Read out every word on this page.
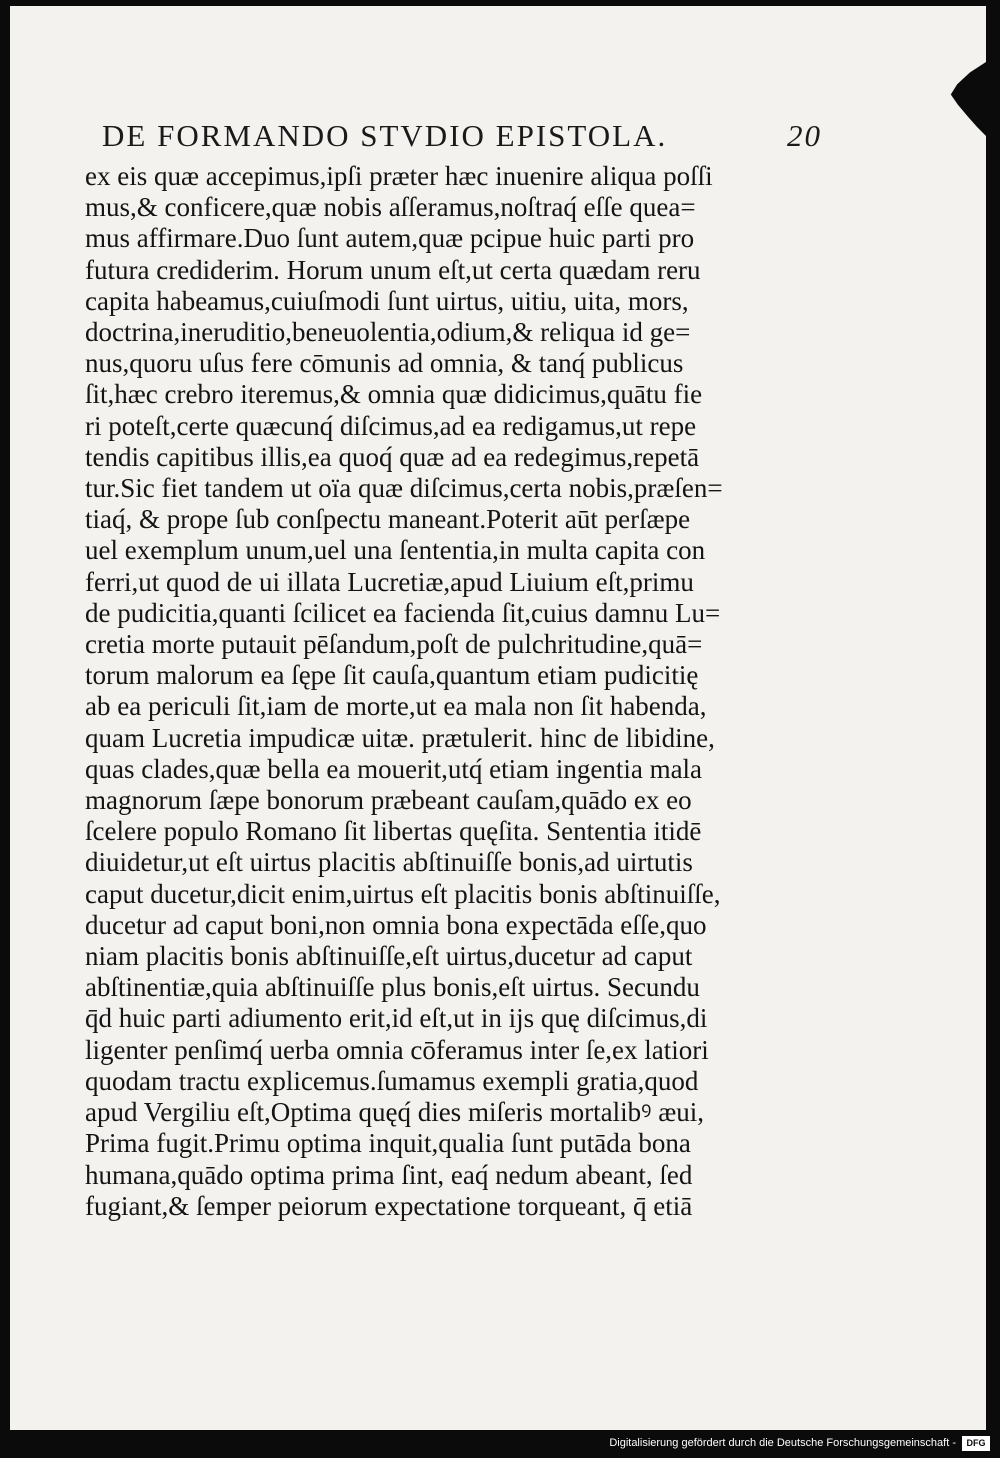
DE FORMANDO STVDIO EPISTOLA.	20
ex eis quæ accepimus,ipſi præter hæc inuenire aliqua poſſi
mus,& conficere,quæ nobis aſſeramus,noſtraq́ eſſe quea=
mus affirmare.Duo ſunt autem,quæ pcipue huic parti pro
futura crediderim. Horum unum eſt,ut certa quædam reru
capita habeamus,cuiuſmodi ſunt uirtus, uitiu, uita, mors,
doctrina,ineruditio,beneuolentia,odium,& reliqua id ge=
nus,quoru uſus fere cōmunis ad omnia, & tanq́ publicus
ſit,hæc crebro iteremus,& omnia quæ didicimus,quātu fie
ri poteſt,certe quæcunq́ diſcimus,ad ea redigamus,ut repe
tendis capitibus illis,ea quoq́ quæ ad ea redegimus,repetā
tur.Sic fiet tandem ut oïa quæ diſcimus,certa nobis,præſen=
tiaq́, & prope ſub conſpectu maneant.Poterit aūt perſæpe
uel exemplum unum,uel una ſententia,in multa capita con
ferri,ut quod de ui illata Lucretiæ,apud Liuium eſt,primu
de pudicitia,quanti ſcilicet ea facienda ſit,cuius damnu Lu=
cretia morte putauit pēſandum,poſt de pulchritudine,quā=
torum malorum ea ſępe ſit cauſa,quantum etiam pudicitię
ab ea periculi ſit,iam de morte,ut ea mala non ſit habenda,
quam Lucretia impudicæ uitæ. prætulerit. hinc de libidine,
quas clades,quæ bella ea mouerit,utq́ etiam ingentia mala
magnorum ſæpe bonorum præbeant cauſam,quādo ex eo
ſcelere populo Romano ſit libertas quęſita. Sententia itidē
diuidetur,ut eſt uirtus placitis abſtinuiſſe bonis,ad uirtutis
caput ducetur,dicit enim,uirtus eſt placitis bonis abſtinuiſſe,
ducetur ad caput boni,non omnia bona expectāda eſſe,quo
niam placitis bonis abſtinuiſſe,eſt uirtus,ducetur ad caput
abſtinentiæ,quia abſtinuiſſe plus bonis,eſt uirtus. Secundu
q̄d huic parti adiumento erit,id eſt,ut in ijs quę diſcimus,di
ligenter penſimq́ uerba omnia cōferamus inter ſe,ex latiori
quodam tractu explicemus.ſumamus exempli gratia,quod
apud Vergiliu eſt,Optima quęq́ dies miſeris mortalibꝰ æui,
Prima fugit.Primu optima inquit,qualia ſunt putāda bona
humana,quādo optima prima ſint, eaq́ nedum abeant, ſed
fugiant,& ſemper peiorum expectatione torqueant, q̄ etiā
Digitalisierung gefördert durch die Deutsche Forschungsgemeinschaft -	DFG
